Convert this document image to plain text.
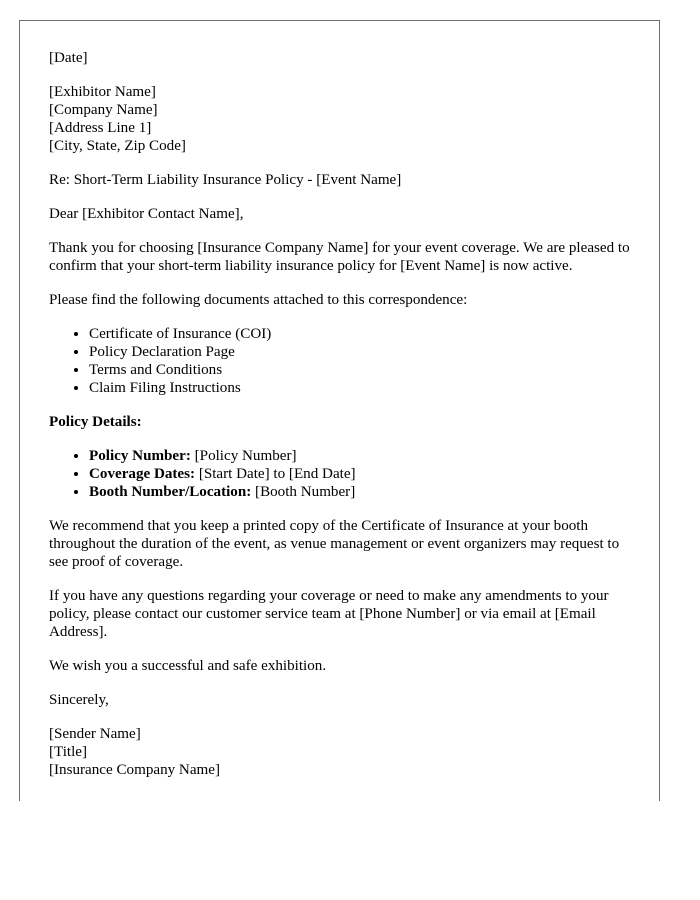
[Date]

[Exhibitor Name]
[Company Name]
[Address Line 1]
[City, State, Zip Code]

Re: Short-Term Liability Insurance Policy - [Event Name]

Dear [Exhibitor Contact Name],

Thank you for choosing [Insurance Company Name] for your event coverage. We are pleased to confirm that your short-term liability insurance policy for [Event Name] is now active.

Please find the following documents attached to this correspondence:

• Certificate of Insurance (COI)
• Policy Declaration Page
• Terms and Conditions
• Claim Filing Instructions

Policy Details:

• Policy Number: [Policy Number]
• Coverage Dates: [Start Date] to [End Date]
• Booth Number/Location: [Booth Number]

We recommend that you keep a printed copy of the Certificate of Insurance at your booth throughout the duration of the event, as venue management or event organizers may request to see proof of coverage.

If you have any questions regarding your coverage or need to make any amendments to your policy, please contact our customer service team at [Phone Number] or via email at [Email Address].

We wish you a successful and safe exhibition.

Sincerely,

[Sender Name]
[Title]
[Insurance Company Name]
